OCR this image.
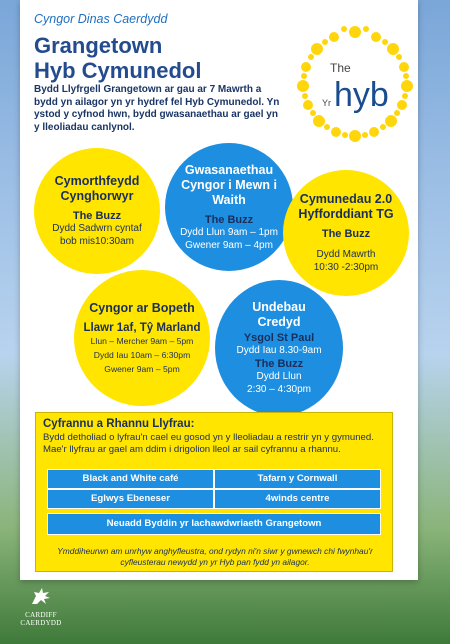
Cyngor Dinas Caerdydd
Grangetown
Hyb Cymunedol
Bydd Llyfrgell Grangetown ar gau ar 7 Mawrth a bydd yn ailagor yn yr hydref fel Hyb Cymunedol. Yn ystod y cyfnod hwn, bydd gwasanaethau ar gael yn y lleoliadau canlynol.
The
Yr hyb
Cymorthfeydd
Cynghorwyr
The Buzz
Dydd Sadwrn cyntaf
bob mis10:30am
Gwasanaethau
Cyngor i Mewn i
Waith
The Buzz
Dydd Llun 9am – 1pm
Gwener 9am – 4pm
Cymunedau 2.0
Hyfforddiant TG
The Buzz
Dydd Mawrth
10:30 -2:30pm
Cyngor ar Bopeth
Llawr 1af, Tŷ Marland
Llun – Mercher 9am – 5pm
Dydd Iau 10am – 6:30pm
Gwener 9am – 5pm
Undebau
Credyd
Ysgol St Paul
Dydd Iau 8.30-9am
The Buzz
Dydd Llun
2:30 – 4:30pm
Cyfrannu a Rhannu Llyfrau:
Bydd detholiad o lyfrau'n cael eu gosod yn y lleoliadau a restrir yn y gymuned. Mae'r llyfrau ar gael am ddim i drigolion lleol ar sail cyfrannu a rhannu.
Black and White café	Tafarn y Cornwall
Eglwys Ebeneser	4winds centre
Neuadd Byddin yr Iachawdwriaeth Grangetown
Ymddiheurwn am unrhyw anghyfleustra, ond rydyn ni'n siwr y gwnewch chi fwynhau'r cyfleusterau newydd yn yr Hyb pan fydd yn ailagor.
CARDIFF
CAERDYDD
